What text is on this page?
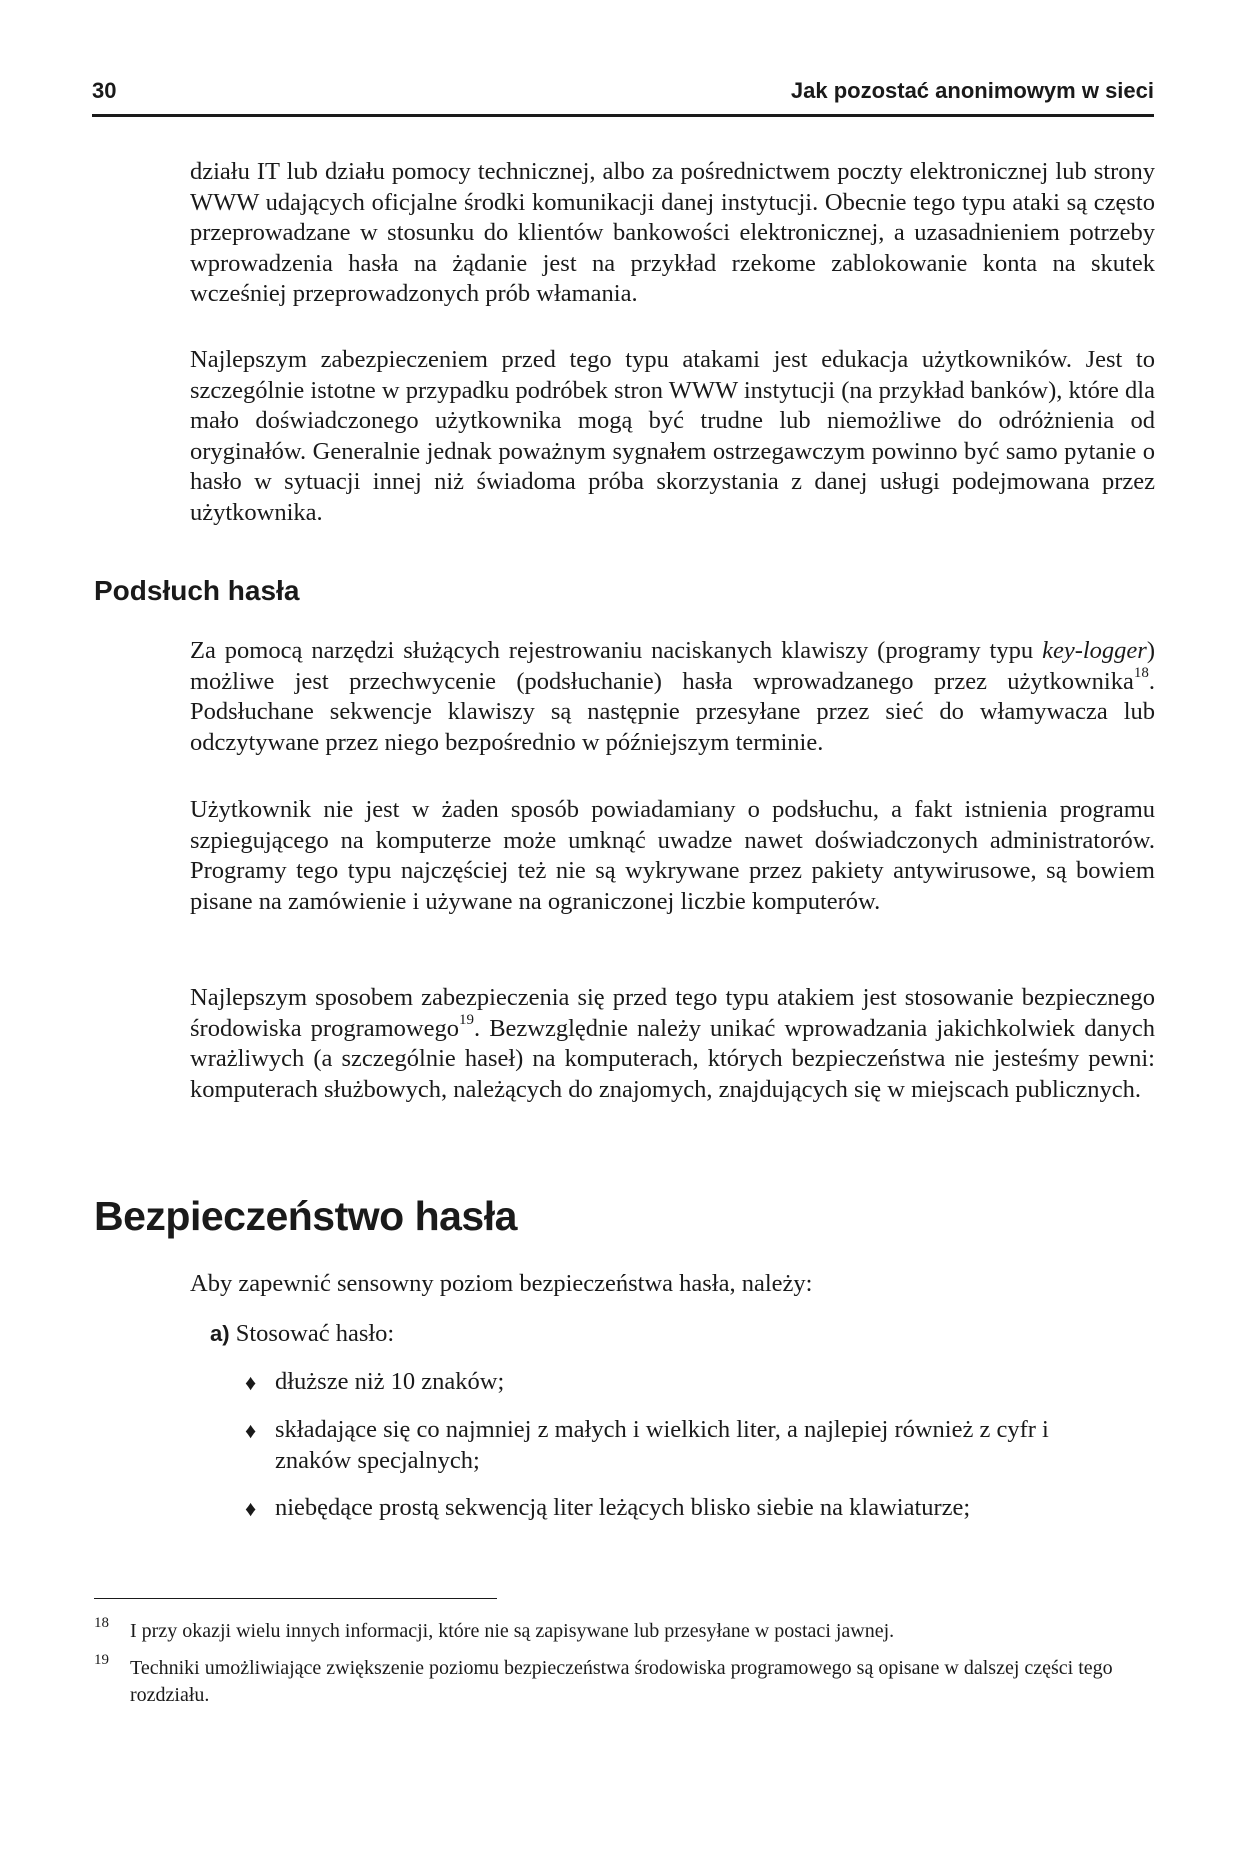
30	Jak pozostać anonimowym w sieci

działu IT lub działu pomocy technicznej, albo za pośrednictwem poczty elektronicznej lub strony WWW udających oficjalne środki komunikacji danej instytucji. Obecnie tego typu ataki są często przeprowadzane w stosunku do klientów bankowości elektronicznej, a uzasadnieniem potrzeby wprowadzenia hasła na żądanie jest na przykład rzekome zablokowanie konta na skutek wcześniej przeprowadzonych prób włamania.

Najlepszym zabezpieczeniem przed tego typu atakami jest edukacja użytkowników. Jest to szczególnie istotne w przypadku podróbek stron WWW instytucji (na przykład banków), które dla mało doświadczonego użytkownika mogą być trudne lub niemożliwe do odróżnienia od oryginałów. Generalnie jednak poważnym sygnałem ostrzegawczym powinno być samo pytanie o hasło w sytuacji innej niż świadoma próba skorzystania z danej usługi podejmowana przez użytkownika.

Podsłuch hasła

Za pomocą narzędzi służących rejestrowaniu naciskanych klawiszy (programy typu key-logger) możliwe jest przechwycenie (podsłuchanie) hasła wprowadzanego przez użytkownika$^{18}$. Podsłuchane sekwencje klawiszy są następnie przesyłane przez sieć do włamywacza lub odczytywane przez niego bezpośrednio w późniejszym terminie.

Użytkownik nie jest w żaden sposób powiadamiany o podsłuchu, a fakt istnienia programu szpiegującego na komputerze może umknąć uwadze nawet doświadczonych administratorów. Programy tego typu najczęściej też nie są wykrywane przez pakiety antywirusowe, są bowiem pisane na zamówienie i używane na ograniczonej liczbie komputerów.

Najlepszym sposobem zabezpieczenia się przed tego typu atakiem jest stosowanie bezpiecznego środowiska programowego$^{19}$. Bezwzględnie należy unikać wprowadzania jakichkolwiek danych wrażliwych (a szczególnie haseł) na komputerach, których bezpieczeństwa nie jesteśmy pewni: komputerach służbowych, należących do znajomych, znajdujących się w miejscach publicznych.

Bezpieczeństwo hasła

Aby zapewnić sensowny poziom bezpieczeństwa hasła, należy:

a) Stosować hasło:
♦ dłuższe niż 10 znaków;
♦ składające się co najmniej z małych i wielkich liter, a najlepiej również z cyfr i znaków specjalnych;
♦ niebędące prostą sekwencją liter leżących blisko siebie na klawiaturze;
18 I przy okazji wielu innych informacji, które nie są zapisywane lub przesyłane w postaci jawnej.
19 Techniki umożliwiające zwiększenie poziomu bezpieczeństwa środowiska programowego są opisane w dalszej części tego rozdziału.
